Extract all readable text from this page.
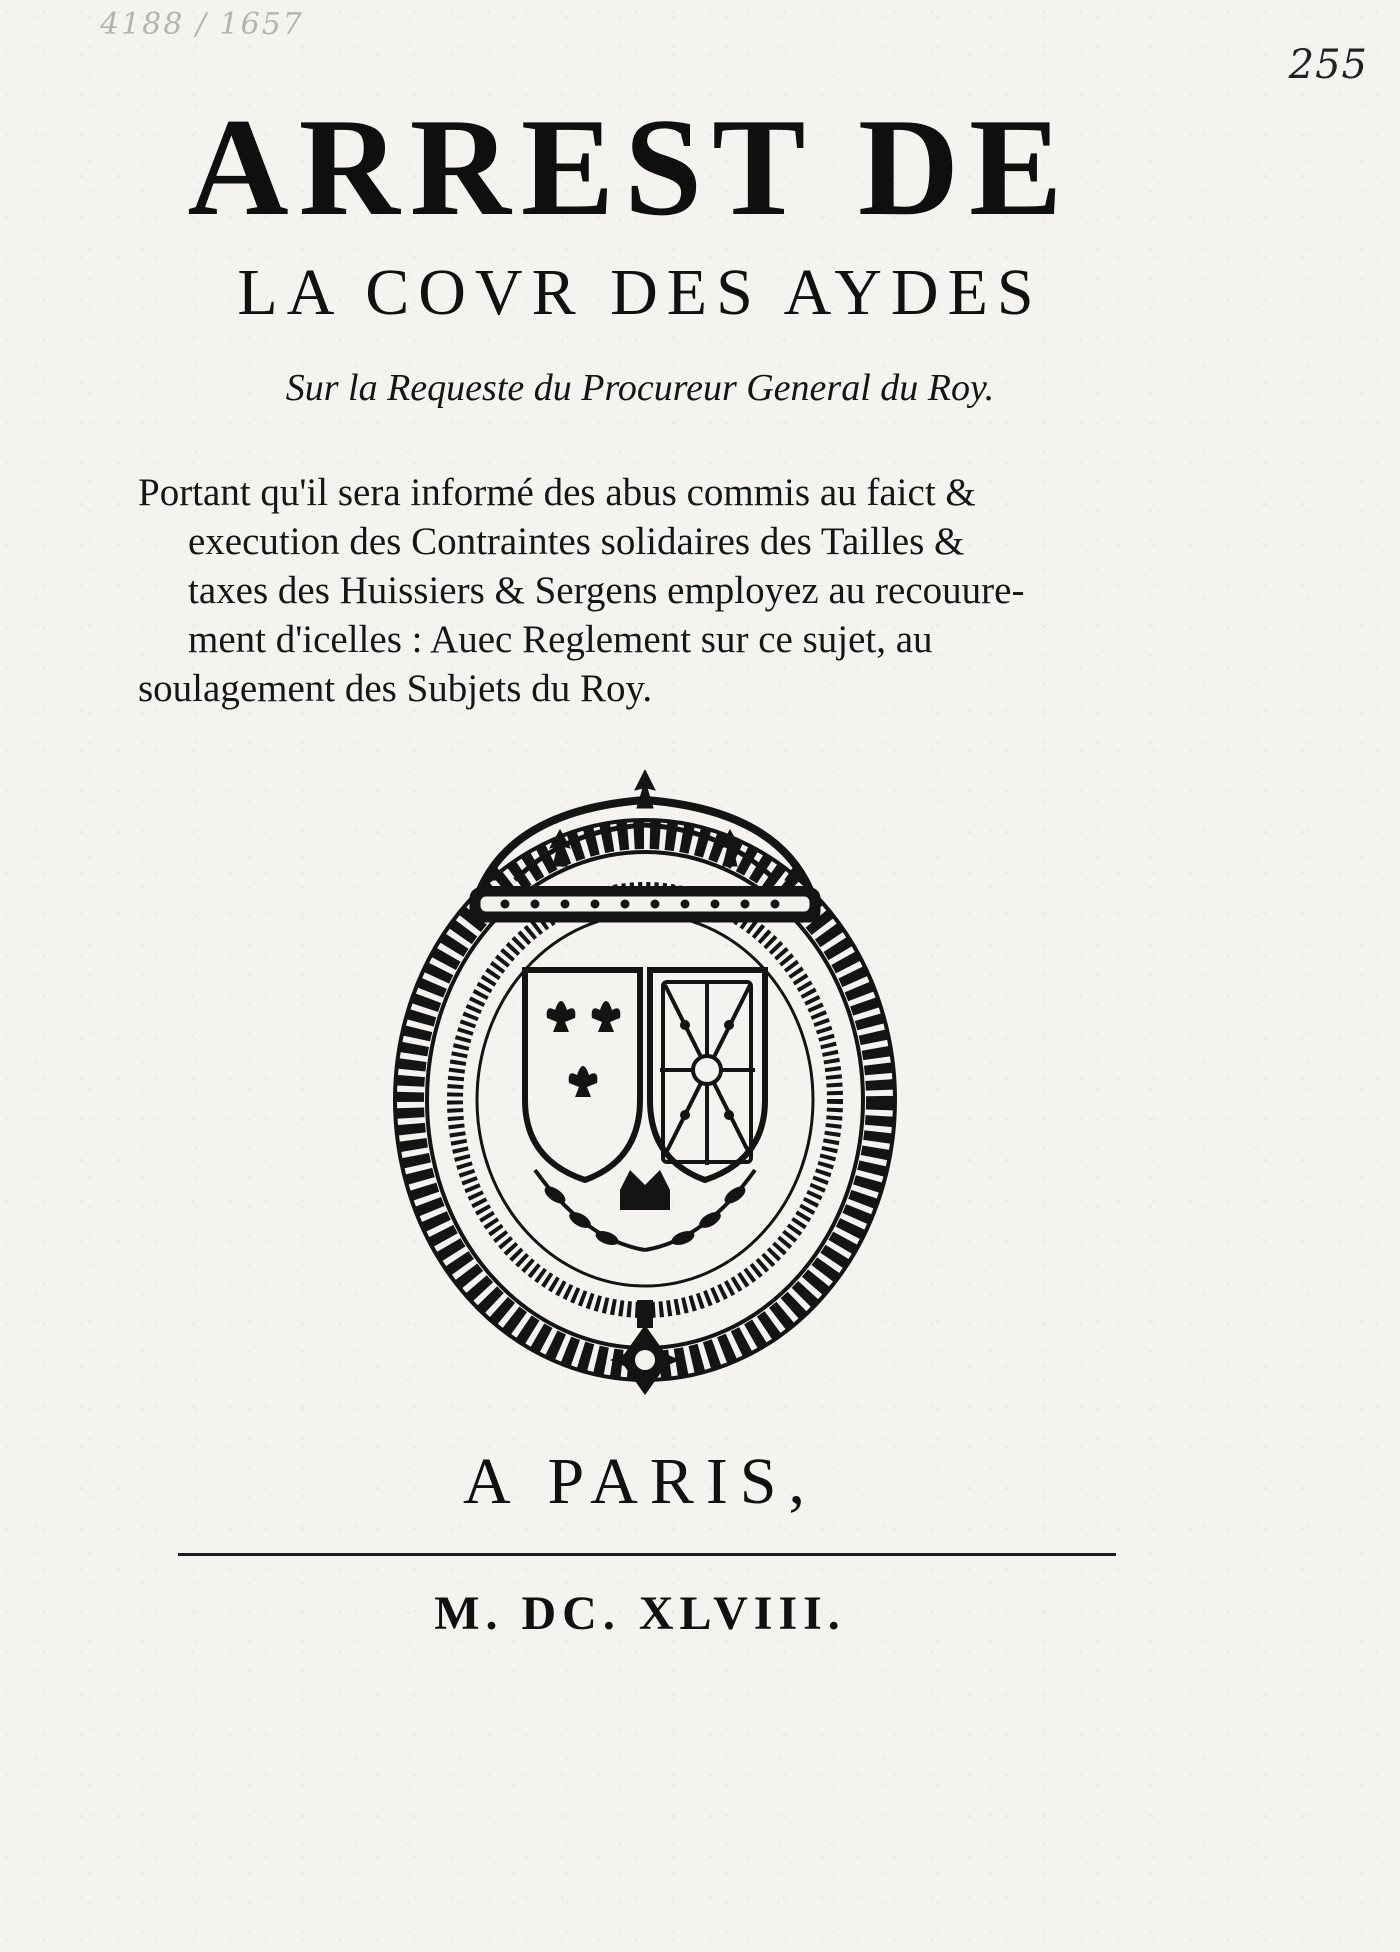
4188 / 1657
255
ARREST DE
LA COVR DES AYDES
Sur la Requeste du Procureur General du Roy.
Portant qu'il sera informé des abus commis au faict &
execution des Contraintes solidaires des Tailles &
taxes des Huissiers & Sergens employez au recouure-
ment d'icelles : Auec Reglement sur ce sujet, au
soulagement des Subjets du Roy.
A PARIS,
M. DC. XLVIII.
